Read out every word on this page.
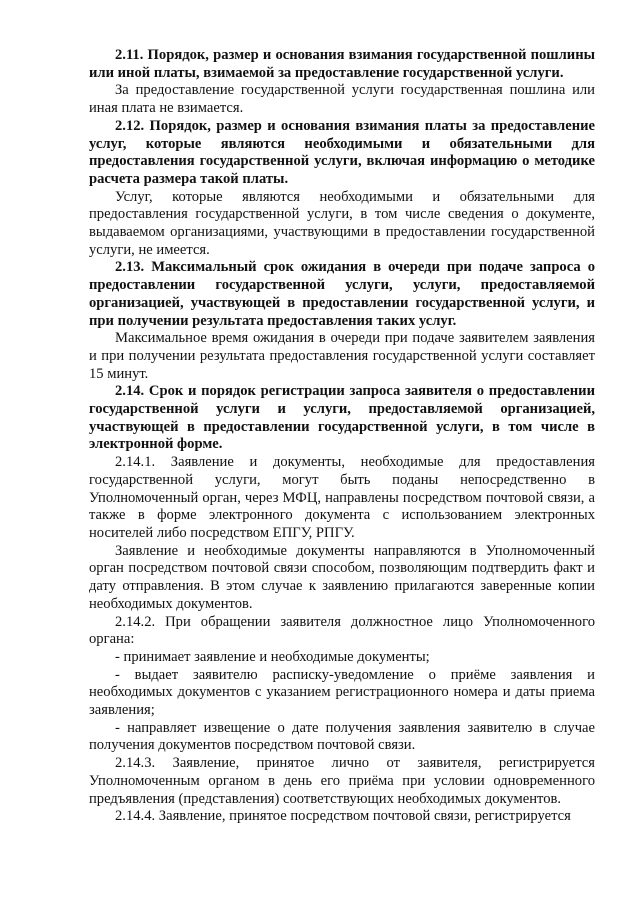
2.11. Порядок, размер и основания взимания государственной пошлины или иной платы, взимаемой за предоставление государственной услуги.

За предоставление государственной услуги государственная пошлина или иная плата не взимается.

2.12. Порядок, размер и основания взимания платы за предоставление услуг, которые являются необходимыми и обязательными для предоставления государственной услуги, включая информацию о методике расчета размера такой платы.

Услуг, которые являются необходимыми и обязательными для предоставления государственной услуги, в том числе сведения о документе, выдаваемом организациями, участвующими в предоставлении государственной услуги, не имеется.

2.13. Максимальный срок ожидания в очереди при подаче запроса о предоставлении государственной услуги, услуги, предоставляемой организацией, участвующей в предоставлении государственной услуги, и при получении результата предоставления таких услуг.

Максимальное время ожидания в очереди при подаче заявителем заявления и при получении результата предоставления государственной услуги составляет 15 минут.

2.14. Срок и порядок регистрации запроса заявителя о предоставлении государственной услуги и услуги, предоставляемой организацией, участвующей в предоставлении государственной услуги, в том числе в электронной форме.

2.14.1. Заявление и документы, необходимые для предоставления государственной услуги, могут быть поданы непосредственно в Уполномоченный орган, через МФЦ, направлены посредством почтовой связи, а также в форме электронного документа с использованием электронных носителей либо посредством ЕПГУ, РПГУ.

Заявление и необходимые документы направляются в Уполномоченный орган посредством почтовой связи способом, позволяющим подтвердить факт и дату отправления. В этом случае к заявлению прилагаются заверенные копии необходимых документов.

2.14.2. При обращении заявителя должностное лицо Уполномоченного органа:

- принимает заявление и необходимые документы;

- выдает заявителю расписку-уведомление о приёме заявления и необходимых документов с указанием регистрационного номера и даты приема заявления;

- направляет извещение о дате получения заявления заявителю в случае получения документов посредством почтовой связи.

2.14.3. Заявление, принятое лично от заявителя, регистрируется Уполномоченным органом в день его приёма при условии одновременного предъявления (представления) соответствующих необходимых документов.

2.14.4. Заявление, принятое посредством почтовой связи, регистрируется
